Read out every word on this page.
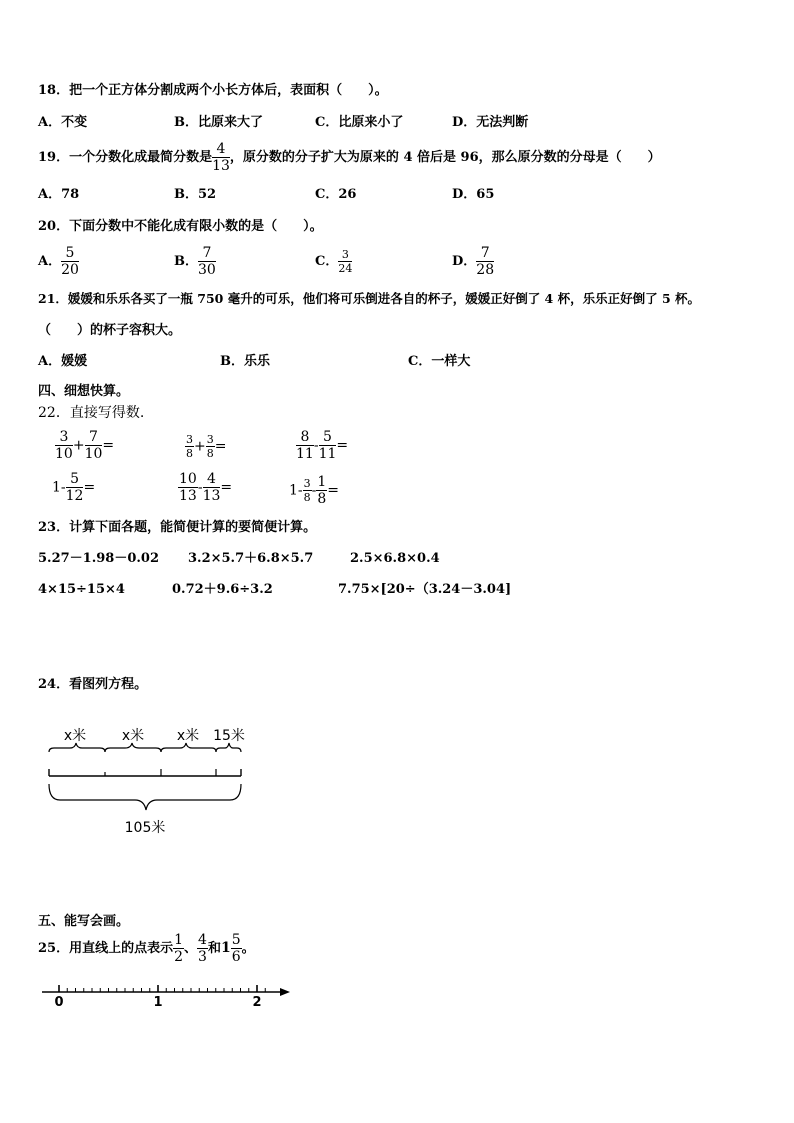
18．把一个正方体分割成两个小长方体后，表面积（　　）。
A．不变	B．比原来大了	C．比原来小了	D．无法判断
19．一个分数化成最简分数是 $\frac{4}{13}$ ，原分数的分子扩大为原来的 4 倍后是 96，那么原分数的分母是（　　）
A．78	B．52	C．26	D．65
20．下面分数中不能化成有限小数的是（　　）。
A． $\frac{5}{20}$	B． $\frac{7}{30}$	C． $\frac{3}{24}$	D． $\frac{7}{28}$
21．媛媛和乐乐各买了一瓶 750 毫升的可乐，他们将可乐倒进各自的杯子，媛媛正好倒了 4 杯，乐乐正好倒了 5 杯。
（　　）的杯子容积大。
A．媛媛	B．乐乐	C．一样大
四、细想快算。
22．直接写得数.
$\frac{3}{10} + \frac{7}{10}$ =	$\frac{3}{8} + \frac{3}{8}$ =	$\frac{8}{11} - \frac{5}{11}$ =
$1- \frac{5}{12}$ =	$\frac{10}{13} - \frac{4}{13}$ =	$1- \frac{3}{8} - \frac{1}{8}$ =
23．计算下面各题，能简便计算的要简便计算。
5.27－1.98－0.02 3.2×5.7＋6.8×5.7	2.5×6.8×0.4
4×15÷15×4	0.72＋9.6÷3.2	7.75×[20÷（3.24－3.04]
24．看图列方程。
x米	x米 x米 15米
105米
五、能写会画。
25．用直线上的点表示 $\frac{1}{2}$ 、 $\frac{4}{3}$ 和$1 \frac{5}{6}$ 。
0	1	2
